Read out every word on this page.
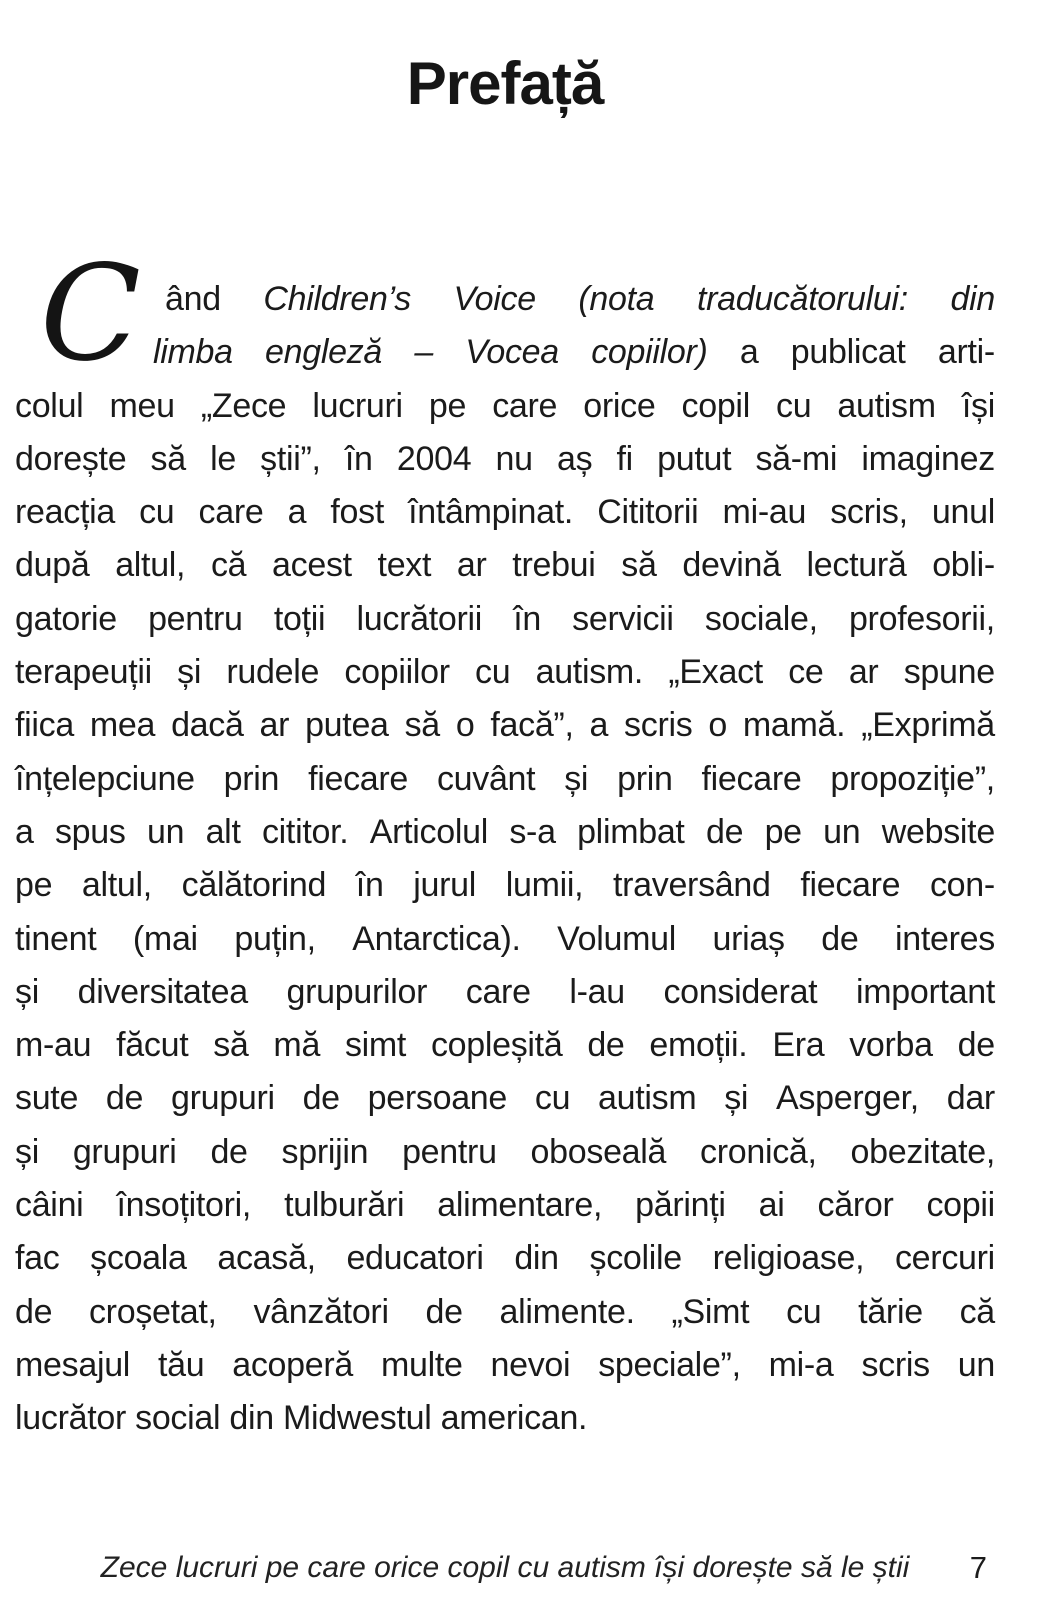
Prefață
C ând Children’s Voice (nota traducătorului: din
limba engleză – Vocea copiilor) a publicat arti-
colul meu „Zece lucruri pe care orice copil cu autism își
dorește să le știi”, în 2004 nu aș fi putut să-mi imaginez
reacția cu care a fost întâmpinat. Cititorii mi-au scris, unul
după altul, că acest text ar trebui să devină lectură obli-
gatorie pentru toții lucrătorii în servicii sociale, profesorii,
terapeuții și rudele copiilor cu autism. „Exact ce ar spune
fiica mea dacă ar putea să o facă”, a scris o mamă. „Exprimă
înțelepciune prin fiecare cuvânt și prin fiecare propoziție”,
a spus un alt cititor. Articolul s-a plimbat de pe un website
pe altul, călătorind în jurul lumii, traversând fiecare con-
tinent (mai puțin, Antarctica). Volumul uriaș de interes
și diversitatea grupurilor care l-au considerat important
m-au făcut să mă simt copleșită de emoții. Era vorba de
sute de grupuri de persoane cu autism și Asperger, dar
și grupuri de sprijin pentru oboseală cronică, obezitate,
câini însoțitori, tulburări alimentare, părinți ai căror copii
fac școala acasă, educatori din școlile religioase, cercuri
de croșetat, vânzători de alimente. „Simt cu tărie că
mesajul tău acoperă multe nevoi speciale”, mi-a scris un
lucrător social din Midwestul american.
Zece lucruri pe care orice copil cu autism își dorește să le știi 7
